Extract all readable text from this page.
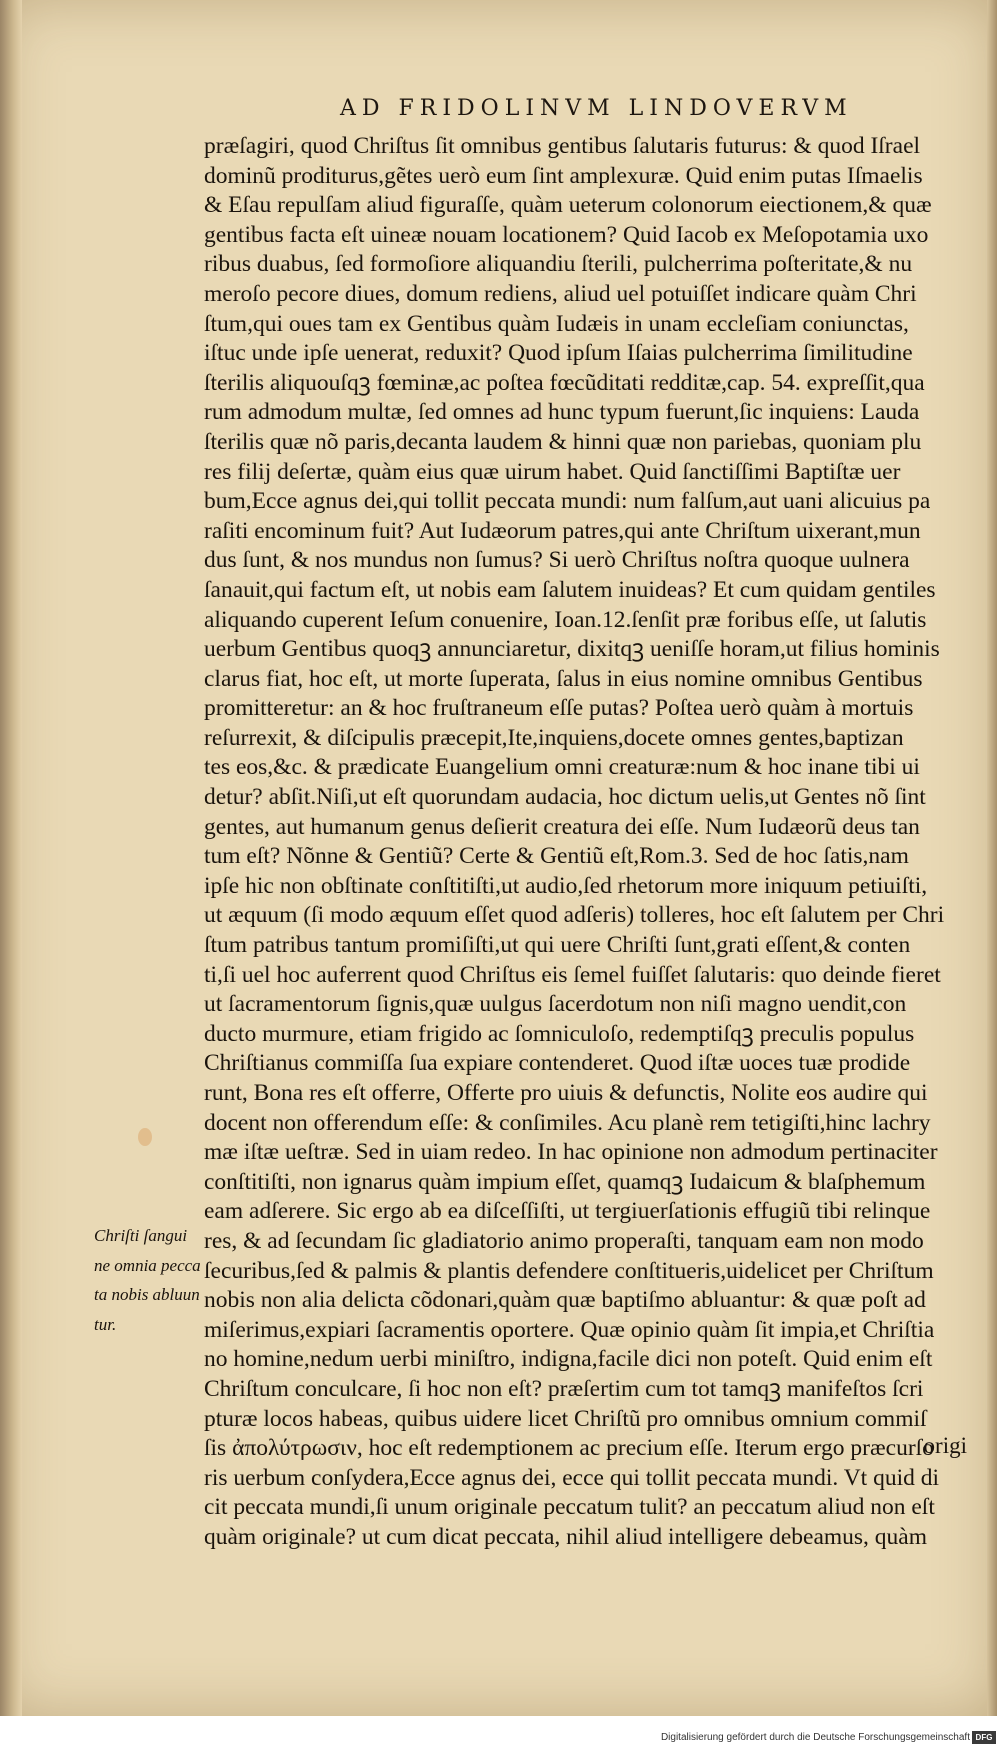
AD FRIDOLINVM LINDOVERVM
præſagiri, quod Chriſtus ſit omnibus gentibus ſalutaris futurus: & quod Iſrael
dominũ proditurus,gẽtes uerò eum ſint amplexuræ. Quid enim putas Iſmaelis
& Eſau repulſam aliud figuraſſe, quàm ueterum colonorum eiectionem,& quæ
gentibus facta eſt uineæ nouam locationem? Quid Iacob ex Meſopotamia uxo
ribus duabus, ſed formoſiore aliquandiu ſterili, pulcherrima poſteritate,& nu
meroſo pecore diues, domum rediens, aliud uel potuiſſet indicare quàm Chri
ſtum,qui oues tam ex Gentibus quàm Iudæis in unam eccleſiam coniunctas,
iſtuc unde ipſe uenerat, reduxit? Quod ipſum Iſaias pulcherrima ſimilitudine
ſterilis aliquouſqꝫ fœminæ,ac poſtea fœcũditati redditæ,cap. 54. expreſſit,qua
rum admodum multæ, ſed omnes ad hunc typum fuerunt,ſic inquiens: Lauda
ſterilis quæ nõ paris,decanta laudem & hinni quæ non pariebas, quoniam plu
res filij deſertæ, quàm eius quæ uirum habet. Quid ſanctiſſimi Baptiſtæ uer
bum,Ecce agnus dei,qui tollit peccata mundi: num falſum,aut uani alicuius pa
raſiti encominum fuit? Aut Iudæorum patres,qui ante Chriſtum uixerant,mun
dus ſunt, & nos mundus non ſumus? Si uerò Chriſtus noſtra quoque uulnera
ſanauit,qui factum eſt, ut nobis eam ſalutem inuideas? Et cum quidam gentiles
aliquando cuperent Ieſum conuenire, Ioan.12.ſenſit præ foribus eſſe, ut ſalutis
uerbum Gentibus quoqꝫ annunciaretur, dixitqꝫ ueniſſe horam,ut filius hominis
clarus fiat, hoc eſt, ut morte ſuperata, ſalus in eius nomine omnibus Gentibus
promitteretur: an & hoc fruſtraneum eſſe putas? Poſtea uerò quàm à mortuis
reſurrexit, & diſcipulis præcepit,Ite,inquiens,docete omnes gentes,baptizan
tes eos,&c. & prædicate Euangelium omni creaturæ:num & hoc inane tibi ui
detur? abſit.Niſi,ut eſt quorundam audacia, hoc dictum uelis,ut Gentes nõ ſint
gentes, aut humanum genus deſierit creatura dei eſſe. Num Iudæorũ deus tan
tum eſt? Nõnne & Gentiũ? Certe & Gentiũ eſt,Rom.3. Sed de hoc ſatis,nam
ipſe hic non obſtinate conſtitiſti,ut audio,ſed rhetorum more iniquum petiuiſti,
ut æquum (ſi modo æquum eſſet quod adſeris) tolleres, hoc eſt ſalutem per Chri
ſtum patribus tantum promiſiſti,ut qui uere Chriſti ſunt,grati eſſent,& conten
ti,ſi uel hoc auferrent quod Chriſtus eis ſemel fuiſſet ſalutaris: quo deinde fieret
ut ſacramentorum ſignis,quæ uulgus ſacerdotum non niſi magno uendit,con
ducto murmure, etiam frigido ac ſomniculoſo, redemptiſqꝫ preculis populus
Chriſtianus commiſſa ſua expiare contenderet. Quod iſtæ uoces tuæ prodide
runt, Bona res eſt offerre, Offerte pro uiuis & defunctis, Nolite eos audire qui
docent non offerendum eſſe: & conſimiles. Acu planè rem tetigiſti,hinc lachry
mæ iſtæ ueſtræ. Sed in uiam redeo. In hac opinione non admodum pertinaciter
conſtitiſti, non ignarus quàm impium eſſet, quamqꝫ Iudaicum & blaſphemum
eam adſerere. Sic ergo ab ea diſceſſiſti, ut tergiuerſationis effugiũ tibi relinque
res, & ad ſecundam ſic gladiatorio animo properaſti, tanquam eam non modo
ſecuribus,ſed & palmis & plantis defendere conſtitueris,uidelicet per Chriſtum
nobis non alia delicta cõdonari,quàm quæ baptiſmo abluantur: & quæ poſt ad
miſerimus,expiari ſacramentis oportere. Quæ opinio quàm ſit impia,et Chriſtia
no homine,nedum uerbi miniſtro, indigna,facile dici non poteſt. Quid enim eſt
Chriſtum conculcare, ſi hoc non eſt? præſertim cum tot tamqꝫ manifeſtos ſcri
pturæ locos habeas, quibus uidere licet Chriſtũ pro omnibus omnium commiſ
ſis ἀπολύτρωσιν, hoc eſt redemptionem ac precium eſſe. Iterum ergo præcurſo
ris uerbum conſydera,Ecce agnus dei, ecce qui tollit peccata mundi. Vt quid di
cit peccata mundi,ſi unum originale peccatum tulit? an peccatum aliud non eſt
quàm originale? ut cum dicat peccata, nihil aliud intelligere debeamus, quàm
Chriſti ſangui
ne omnia pecca
ta nobis abluun
tur.
origi
Digitalisierung gefördert durch die Deutsche Forschungsgemeinschaft DFG
